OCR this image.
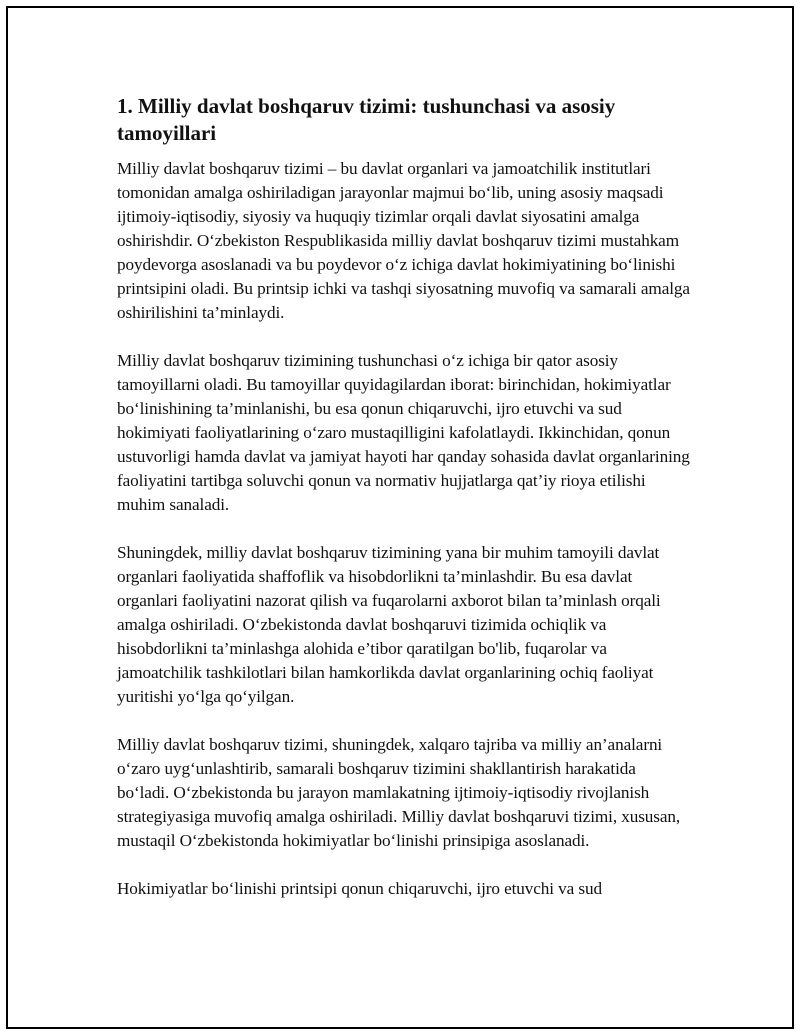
1. Milliy davlat boshqaruv tizimi: tushunchasi va asosiy tamoyillari

Milliy davlat boshqaruv tizimi – bu davlat organlari va jamoatchilik institutlari tomonidan amalga oshiriladigan jarayonlar majmui bo‘lib, uning asosiy maqsadi ijtimoiy-iqtisodiy, siyosiy va huquqiy tizimlar orqali davlat siyosatini amalga oshirishdir. O‘zbekiston Respublikasida milliy davlat boshqaruv tizimi mustahkam poydevorga asoslanadi va bu poydevor o‘z ichiga davlat hokimiyatining bo‘linishi printsipini oladi. Bu printsip ichki va tashqi siyosatning muvofiq va samarali amalga oshirilishini ta’minlaydi.

Milliy davlat boshqaruv tizimining tushunchasi o‘z ichiga bir qator asosiy tamoyillarni oladi. Bu tamoyillar quyidagilardan iborat: birinchidan, hokimiyatlar bo‘linishining ta’minlanishi, bu esa qonun chiqaruvchi, ijro etuvchi va sud hokimiyati faoliyatlarining o‘zaro mustaqilligini kafolatlaydi. Ikkinchidan, qonun ustuvorligi hamda davlat va jamiyat hayoti har qanday sohasida davlat organlarining faoliyatini tartibga soluvchi qonun va normativ hujjatlarga qat’iy rioya etilishi muhim sanaladi.

Shuningdek, milliy davlat boshqaruv tizimining yana bir muhim tamoyili davlat organlari faoliyatida shaffoflik va hisobdorlikni ta’minlashdir. Bu esa davlat organlari faoliyatini nazorat qilish va fuqarolarni axborot bilan ta’minlash orqali amalga oshiriladi. O‘zbekistonda davlat boshqaruvi tizimida ochiqlik va hisobdorlikni ta’minlashga alohida e’tibor qaratilgan bo'lib, fuqarolar va jamoatchilik tashkilotlari bilan hamkorlikda davlat organlarining ochiq faoliyat yuritishi yo‘lga qo‘yilgan.

Milliy davlat boshqaruv tizimi, shuningdek, xalqaro tajriba va milliy an’analarni o‘zaro uyg‘unlashtirib, samarali boshqaruv tizimini shakllantirish harakatida bo‘ladi. O‘zbekistonda bu jarayon mamlakatning ijtimoiy-iqtisodiy rivojlanish strategiyasiga muvofiq amalga oshiriladi. Milliy davlat boshqaruvi tizimi, xususan, mustaqil O‘zbekistonda hokimiyatlar bo‘linishi prinsipiga asoslanadi.

Hokimiyatlar bo‘linishi printsipi qonun chiqaruvchi, ijro etuvchi va sud
